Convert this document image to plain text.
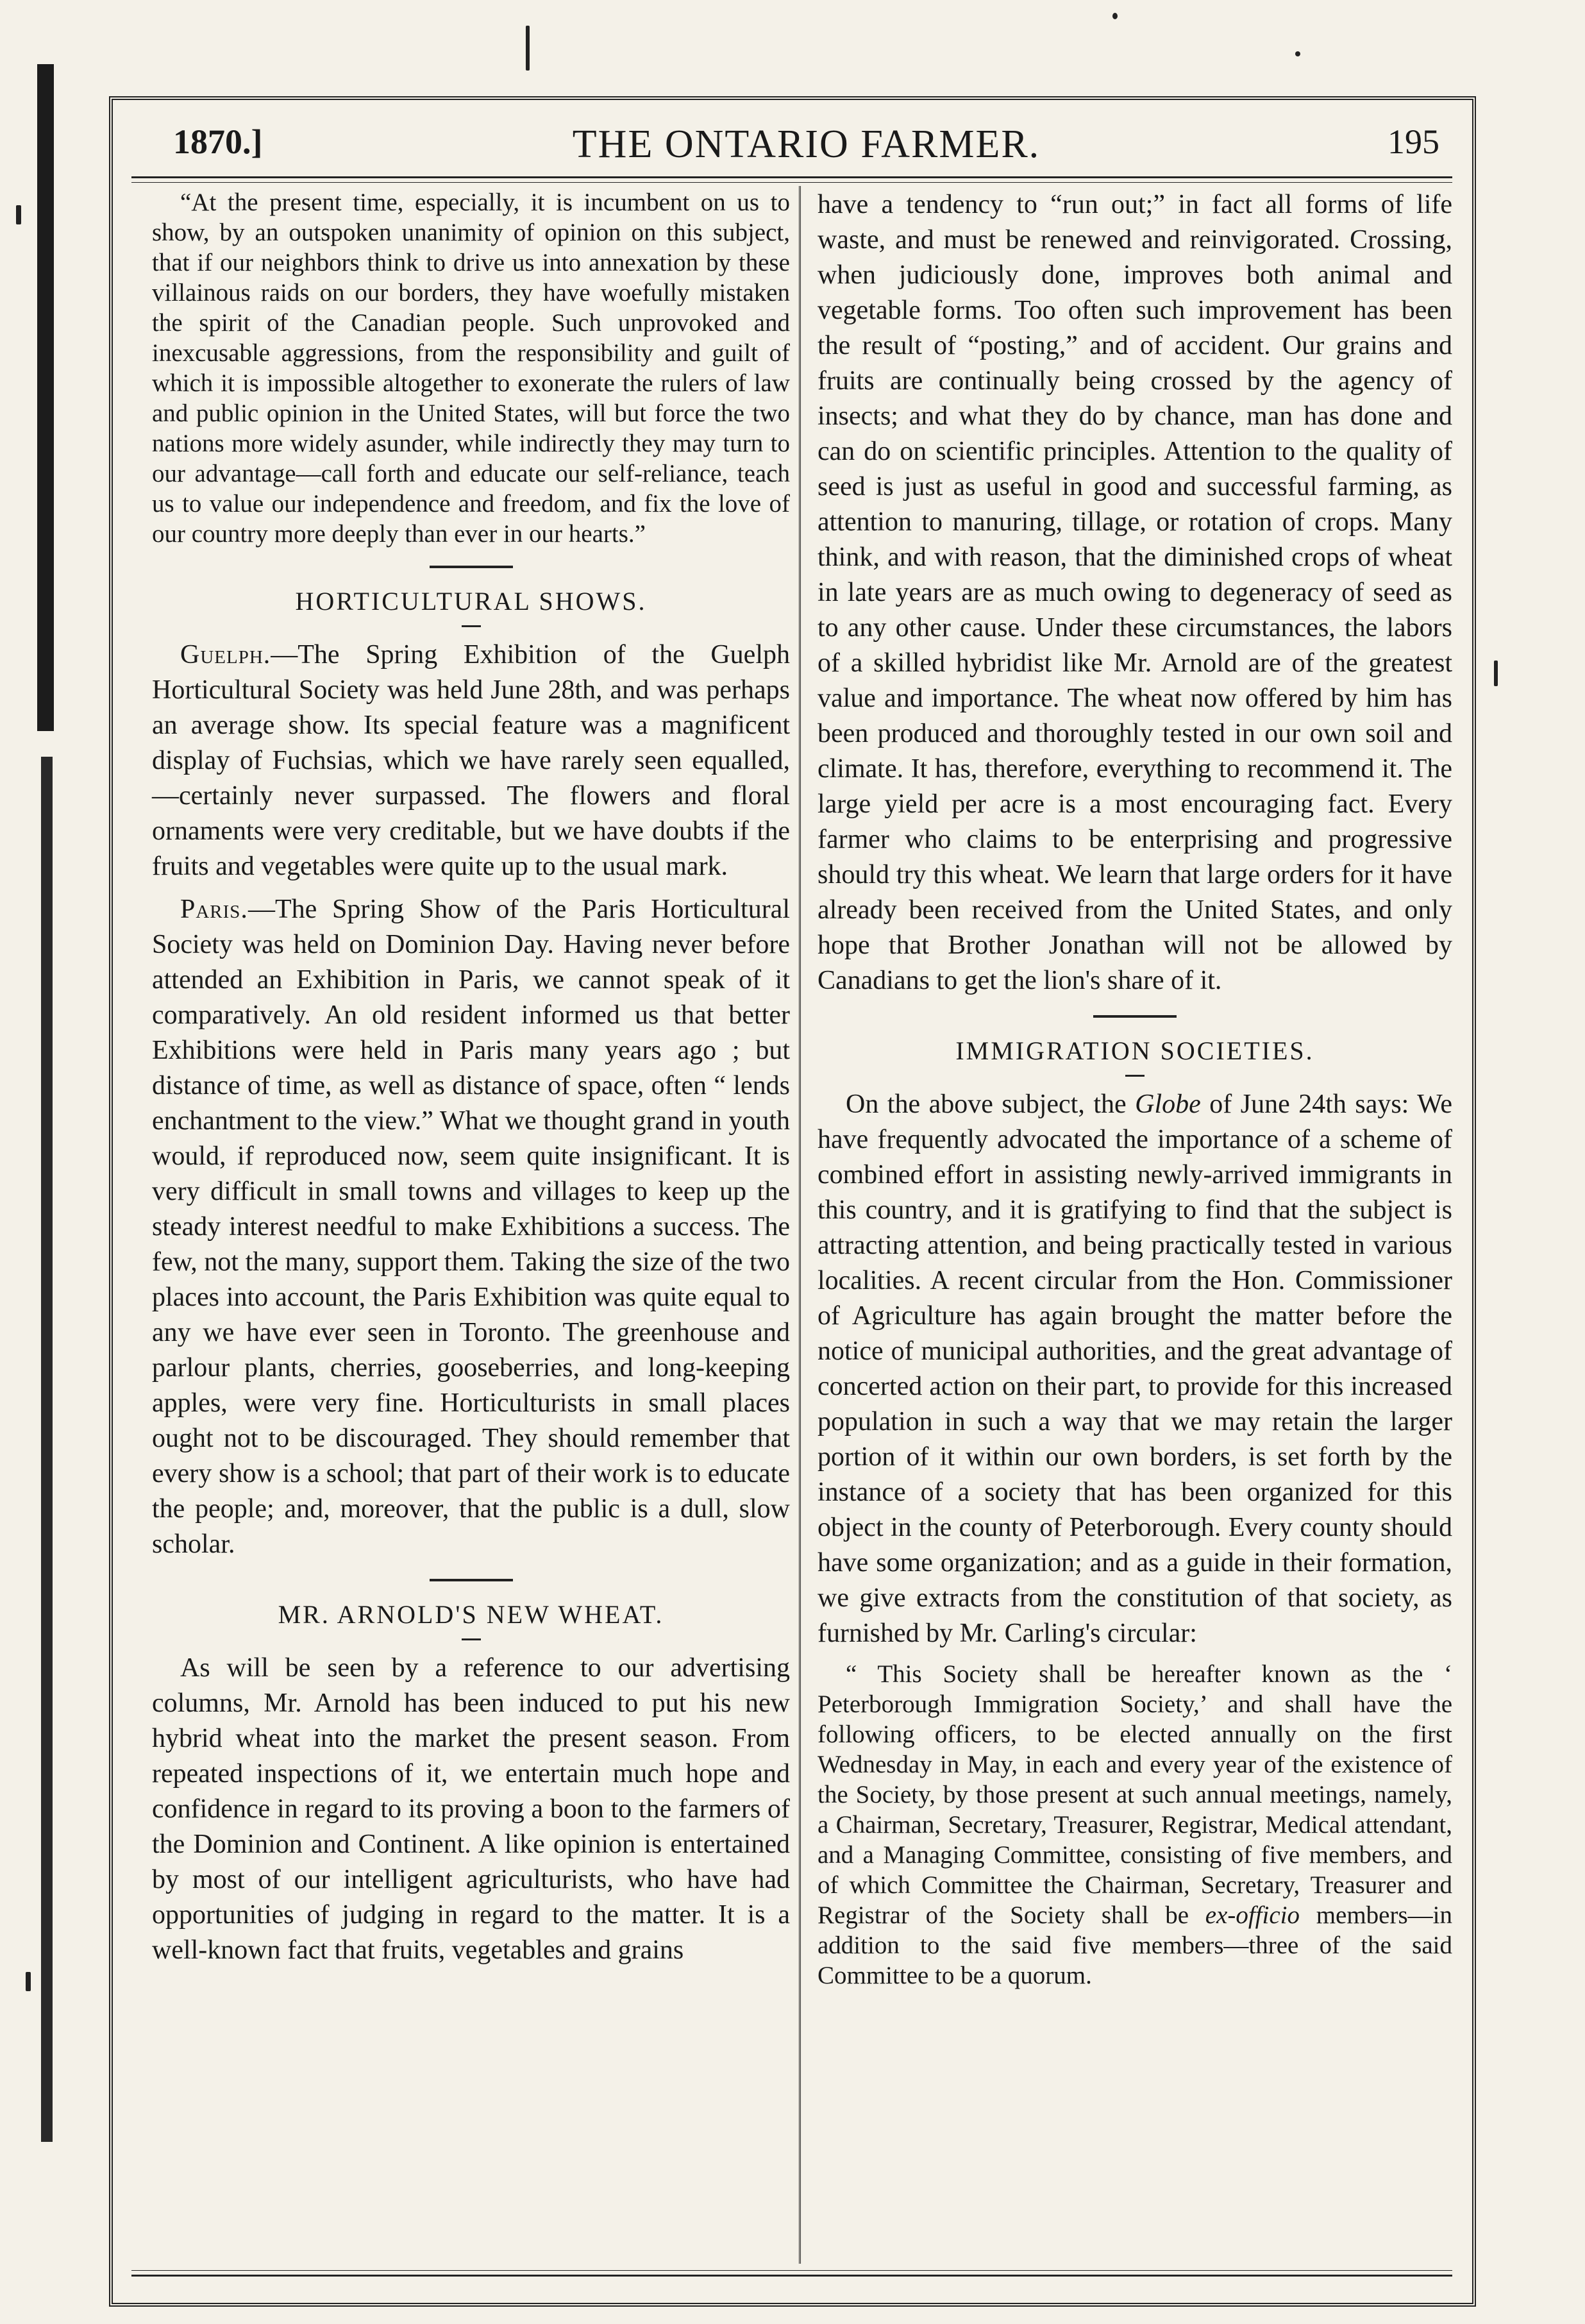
1870.]	THE ONTARIO FARMER.	195

“At the present time, especially, it is incumbent on us to show, by an outspoken unanimity of opinion on this subject, that if our neighbors think to drive us into annexation by these villainous raids on our borders, they have woefully mistaken the spirit of the Canadian people. Such unprovoked and inexcusable aggressions, from the responsibility and guilt of which it is impossible altogether to exonerate the rulers of law and public opinion in the United States, will but force the two nations more widely asunder, while indirectly they may turn to our advantage—call forth and educate our self-reliance, teach us to value our independence and freedom, and fix the love of our country more deeply than ever in our hearts.”

HORTICULTURAL SHOWS.

Guelph.—The Spring Exhibition of the Guelph Horticultural Society was held June 28th, and was perhaps an average show. Its special feature was a magnificent display of Fuchsias, which we have rarely seen equalled,—certainly never surpassed. The flowers and floral ornaments were very creditable, but we have doubts if the fruits and vegetables were quite up to the usual mark.

Paris.—The Spring Show of the Paris Horticultural Society was held on Dominion Day. Having never before attended an Exhibition in Paris, we cannot speak of it comparatively. An old resident informed us that better Exhibitions were held in Paris many years ago ; but distance of time, as well as distance of space, often “ lends enchantment to the view.” What we thought grand in youth would, if reproduced now, seem quite insignificant. It is very difficult in small towns and villages to keep up the steady interest needful to make Exhibitions a success. The few, not the many, support them. Taking the size of the two places into account, the Paris Exhibition was quite equal to any we have ever seen in Toronto. The greenhouse and parlour plants, cherries, gooseberries, and long-keeping apples, were very fine. Horticulturists in small places ought not to be discouraged. They should remember that every show is a school; that part of their work is to educate the people; and, moreover, that the public is a dull, slow scholar.

MR. ARNOLD'S NEW WHEAT.

As will be seen by a reference to our advertising columns, Mr. Arnold has been induced to put his new hybrid wheat into the market the present season. From repeated inspections of it, we entertain much hope and confidence in regard to its proving a boon to the farmers of the Dominion and Continent. A like opinion is entertained by most of our intelligent agriculturists, who have had opportunities of judging in regard to the matter. It is a well-known fact that fruits, vegetables and grains

have a tendency to “run out;” in fact all forms of life waste, and must be renewed and reinvigorated. Crossing, when judiciously done, improves both animal and vegetable forms. Too often such improvement has been the result of “posting,” and of accident. Our grains and fruits are continually being crossed by the agency of insects; and what they do by chance, man has done and can do on scientific principles. Attention to the quality of seed is just as useful in good and successful farming, as attention to manuring, tillage, or rotation of crops. Many think, and with reason, that the diminished crops of wheat in late years are as much owing to degeneracy of seed as to any other cause. Under these circumstances, the labors of a skilled hybridist like Mr. Arnold are of the greatest value and importance. The wheat now offered by him has been produced and thoroughly tested in our own soil and climate. It has, therefore, everything to recommend it. The large yield per acre is a most encouraging fact. Every farmer who claims to be enterprising and progressive should try this wheat. We learn that large orders for it have already been received from the United States, and only hope that Brother Jonathan will not be allowed by Canadians to get the lion's share of it.

IMMIGRATION SOCIETIES.

On the above subject, the Globe of June 24th says: We have frequently advocated the importance of a scheme of combined effort in assisting newly-arrived immigrants in this country, and it is gratifying to find that the subject is attracting attention, and being practically tested in various localities. A recent circular from the Hon. Commissioner of Agriculture has again brought the matter before the notice of municipal authorities, and the great advantage of concerted action on their part, to provide for this increased population in such a way that we may retain the larger portion of it within our own borders, is set forth by the instance of a society that has been organized for this object in the county of Peterborough. Every county should have some organization; and as a guide in their formation, we give extracts from the constitution of that society, as furnished by Mr. Carling's circular:

“ This Society shall be hereafter known as the ‘ Peterborough Immigration Society,’ and shall have the following officers, to be elected annually on the first Wednesday in May, in each and every year of the existence of the Society, by those present at such annual meetings, namely, a Chairman, Secretary, Treasurer, Registrar, Medical attendant, and a Managing Committee, consisting of five members, and of which Committee the Chairman, Secretary, Treasurer and Registrar of the Society shall be ex-officio members—in addition to the said five members—three of the said Committee to be a quorum.
